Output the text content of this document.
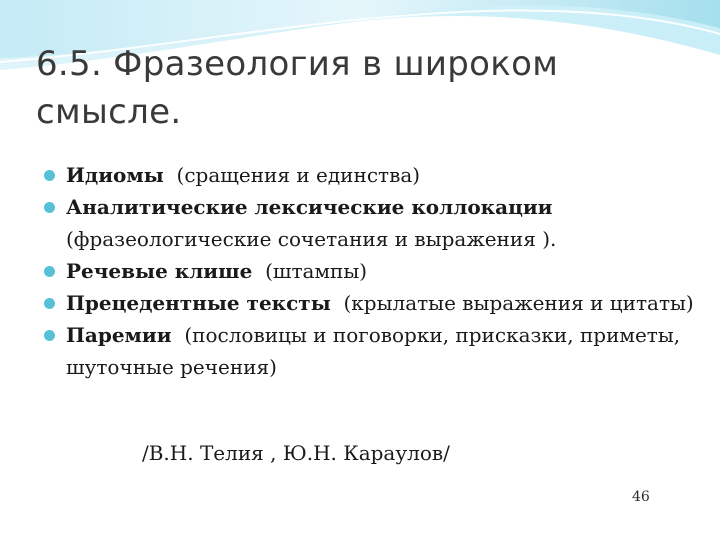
6.5. Фразеология в широком смысле.
Идиомы (сращения и единства)
Аналитические лексические коллокации (фразеологические сочетания и выражения ).
Речевые клише (штампы)
Прецедентные тексты (крылатые выражения и цитаты)
Паремии (пословицы и поговорки, присказки, приметы, шуточные речения)

/В.Н. Телия , Ю.Н. Караулов/

46
